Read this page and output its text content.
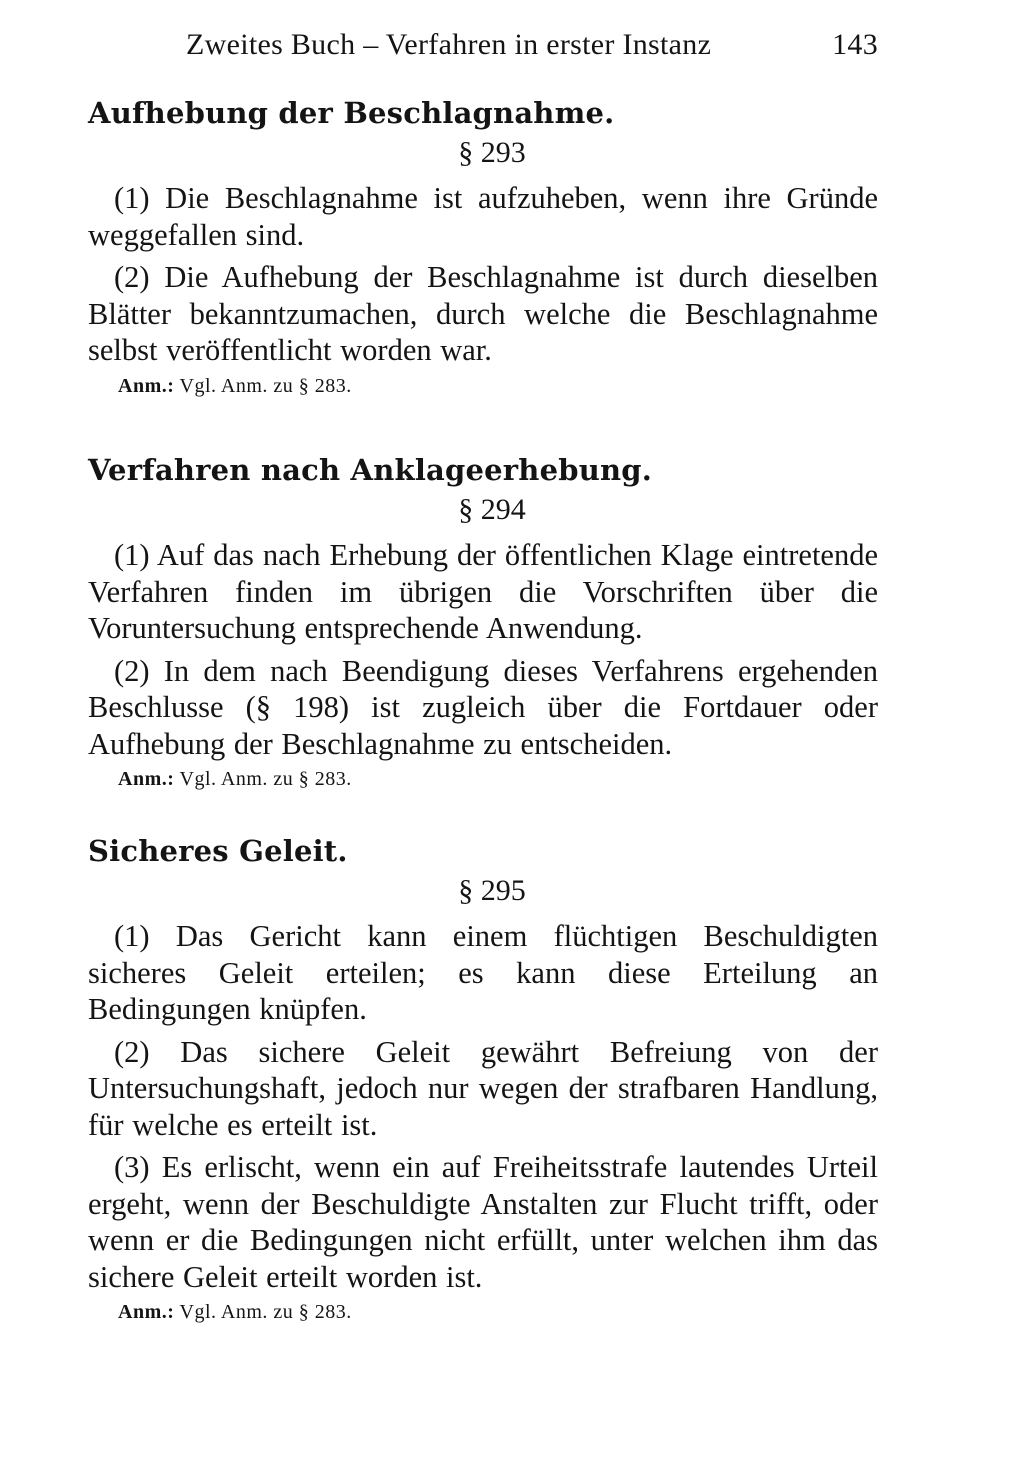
Zweites Buch – Verfahren in erster Instanz	143
Aufhebung der Beschlagnahme.
§ 293

(1) Die Beschlagnahme ist aufzuheben, wenn ihre Gründe weggefallen sind.

(2) Die Aufhebung der Beschlagnahme ist durch dieselben Blätter bekanntzumachen, durch welche die Beschlagnahme selbst veröffentlicht worden war.

Anm.: Vgl. Anm. zu § 283.
Verfahren nach Anklageerhebung.
§ 294

(1) Auf das nach Erhebung der öffentlichen Klage eintretende Verfahren finden im übrigen die Vorschriften über die Voruntersuchung entsprechende Anwendung.

(2) In dem nach Beendigung dieses Verfahrens ergehenden Beschlusse (§ 198) ist zugleich über die Fortdauer oder Aufhebung der Beschlagnahme zu entscheiden.

Anm.: Vgl. Anm. zu § 283.
Sicheres Geleit.
§ 295

(1) Das Gericht kann einem flüchtigen Beschuldigten sicheres Geleit erteilen; es kann diese Erteilung an Bedingungen knüpfen.

(2) Das sichere Geleit gewährt Befreiung von der Untersuchungshaft, jedoch nur wegen der strafbaren Handlung, für welche es erteilt ist.

(3) Es erlischt, wenn ein auf Freiheitsstrafe lautendes Urteil ergeht, wenn der Beschuldigte Anstalten zur Flucht trifft, oder wenn er die Bedingungen nicht erfüllt, unter welchen ihm das sichere Geleit erteilt worden ist.

Anm.: Vgl. Anm. zu § 283.
